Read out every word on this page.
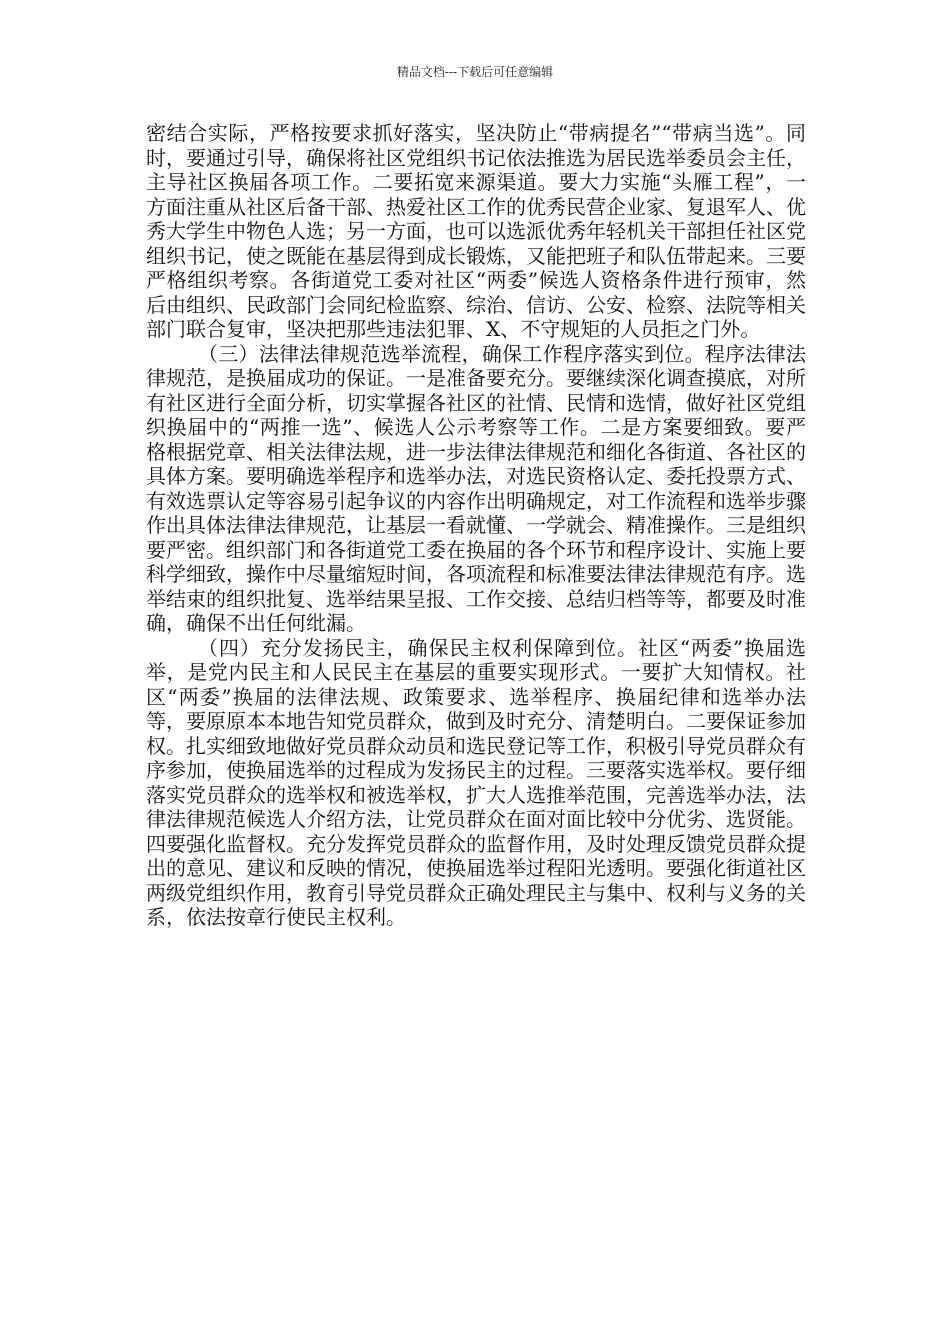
精品文档---下载后可任意编辑

密结合实际，严格按要求抓好落实，坚决防止“带病提名”“带病当选”。同时，要通过引导，确保将社区党组织书记依法推选为居民选举委员会主任，主导社区换届各项工作。二要拓宽来源渠道。要大力实施“头雁工程”，一方面注重从社区后备干部、热爱社区工作的优秀民营企业家、复退军人、优秀大学生中物色人选；另一方面，也可以选派优秀年轻机关干部担任社区党组织书记，使之既能在基层得到成长锻炼，又能把班子和队伍带起来。三要严格组织考察。各街道党工委对社区“两委”候选人资格条件进行预审，然后由组织、民政部门会同纪检监察、综治、信访、公安、检察、法院等相关部门联合复审，坚决把那些违法犯罪、X、不守规矩的人员拒之门外。

（三）法律法律规范选举流程，确保工作程序落实到位。程序法律法律规范，是换届成功的保证。一是准备要充分。要继续深化调查摸底，对所有社区进行全面分析，切实掌握各社区的社情、民情和选情，做好社区党组织换届中的“两推一选”、候选人公示考察等工作。二是方案要细致。要严格根据党章、相关法律法规，进一步法律法律规范和细化各街道、各社区的具体方案。要明确选举程序和选举办法，对选民资格认定、委托投票方式、有效选票认定等容易引起争议的内容作出明确规定，对工作流程和选举步骤作出具体法律法律规范，让基层一看就懂、一学就会、精准操作。三是组织要严密。组织部门和各街道党工委在换届的各个环节和程序设计、实施上要科学细致，操作中尽量缩短时间，各项流程和标准要法律法律规范有序。选举结束的组织批复、选举结果呈报、工作交接、总结归档等等，都要及时准确，确保不出任何纰漏。

（四）充分发扬民主，确保民主权利保障到位。社区“两委”换届选举，是党内民主和人民民主在基层的重要实现形式。一要扩大知情权。社区“两委”换届的法律法规、政策要求、选举程序、换届纪律和选举办法等，要原原本本地告知党员群众，做到及时充分、清楚明白。二要保证参加权。扎实细致地做好党员群众动员和选民登记等工作，积极引导党员群众有序参加，使换届选举的过程成为发扬民主的过程。三要落实选举权。要仔细落实党员群众的选举权和被选举权，扩大人选推举范围，完善选举办法，法律法律规范候选人介绍方法，让党员群众在面对面比较中分优劣、选贤能。四要强化监督权。充分发挥党员群众的监督作用，及时处理反馈党员群众提出的意见、建议和反映的情况，使换届选举过程阳光透明。要强化街道社区两级党组织作用，教育引导党员群众正确处理民主与集中、权利与义务的关系，依法按章行使民主权利。
